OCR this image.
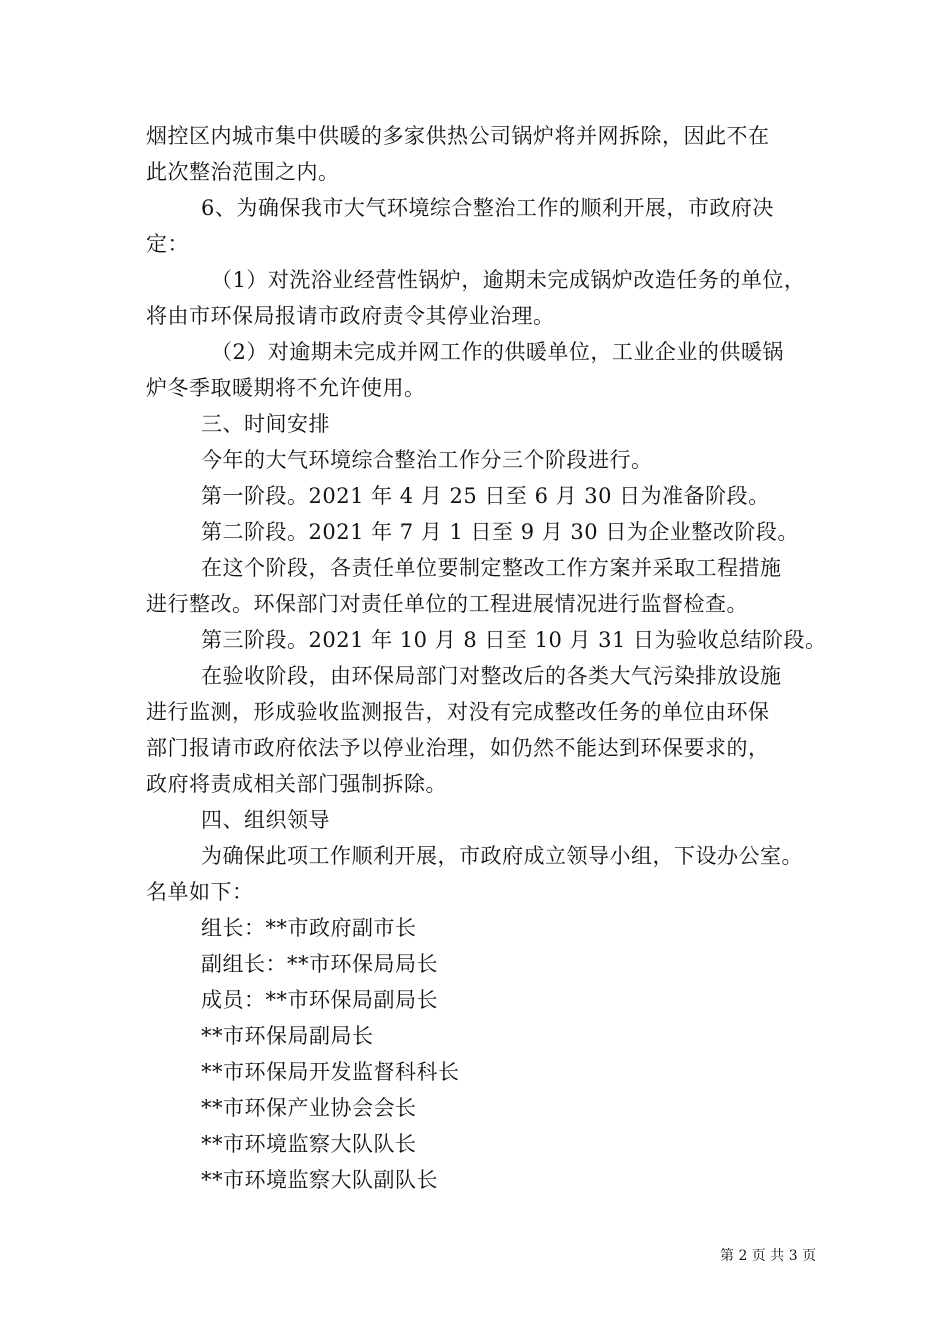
烟控区内城市集中供暖的多家供热公司锅炉将并网拆除，因此不在
此次整治范围之内。
6、为确保我市大气环境综合整治工作的顺利开展，市政府决
定：
（1）对洗浴业经营性锅炉，逾期未完成锅炉改造任务的单位，
将由市环保局报请市政府责令其停业治理。
（2）对逾期未完成并网工作的供暖单位，工业企业的供暖锅
炉冬季取暖期将不允许使用。
三、时间安排
今年的大气环境综合整治工作分三个阶段进行。
第一阶段。2021 年 4 月 25 日至 6 月 30 日为准备阶段。
第二阶段。2021 年 7 月 1 日至 9 月 30 日为企业整改阶段。
在这个阶段，各责任单位要制定整改工作方案并采取工程措施
进行整改。环保部门对责任单位的工程进展情况进行监督检查。
第三阶段。2021 年 10 月 8 日至 10 月 31 日为验收总结阶段。
在验收阶段，由环保局部门对整改后的各类大气污染排放设施
进行监测，形成验收监测报告，对没有完成整改任务的单位由环保
部门报请市政府依法予以停业治理，如仍然不能达到环保要求的，
政府将责成相关部门强制拆除。
四、组织领导
为确保此项工作顺利开展，市政府成立领导小组，下设办公室。
名单如下：
组长：**市政府副市长
副组长：**市环保局局长
成员：**市环保局副局长
**市环保局副局长
**市环保局开发监督科科长
**市环保产业协会会长
**市环境监察大队队长
**市环境监察大队副队长
第 2 页 共 3 页
